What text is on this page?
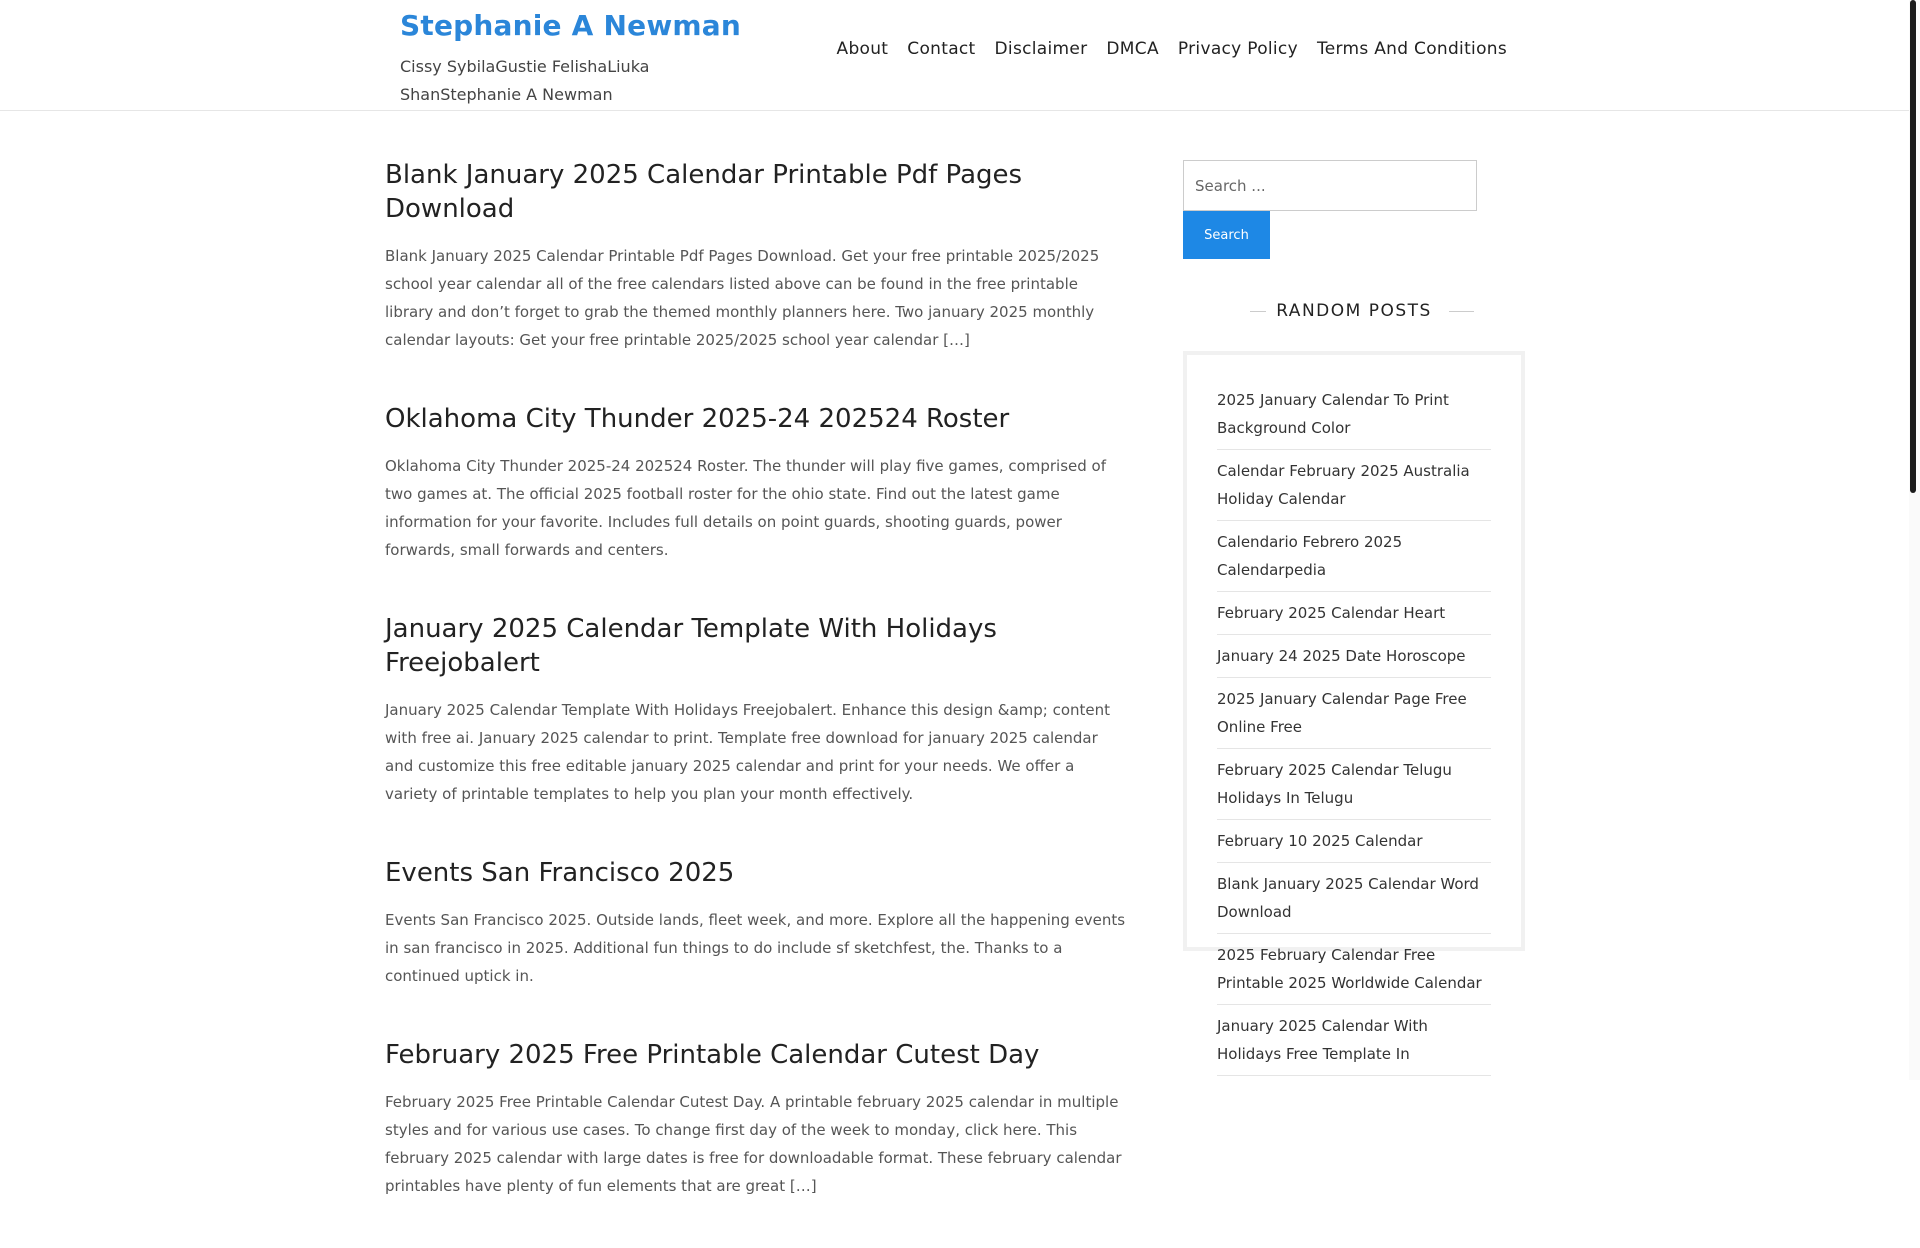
Stephanie A Newman
Cissy SybilaGustie FelishaLiuka ShanStephanie A Newman
About Contact Disclaimer DMCA Privacy Policy Terms And Conditions
Blank January 2025 Calendar Printable Pdf Pages Download

Blank January 2025 Calendar Printable Pdf Pages Download. Get your free printable 2025/2025 school year calendar all of the free calendars listed above can be found in the free printable library and don’t forget to grab the themed monthly planners here. Two january 2025 monthly calendar layouts: Get your free printable 2025/2025 school year calendar […]

Oklahoma City Thunder 2025-24 202524 Roster

Oklahoma City Thunder 2025-24 202524 Roster. The thunder will play five games, comprised of two games at. The official 2025 football roster for the ohio state. Find out the latest game information for your favorite. Includes full details on point guards, shooting guards, power forwards, small forwards and centers.

January 2025 Calendar Template With Holidays Freejobalert

January 2025 Calendar Template With Holidays Freejobalert. Enhance this design &amp; content with free ai. January 2025 calendar to print. Template free download for january 2025 calendar and customize this free editable january 2025 calendar and print for your needs. We offer a variety of printable templates to help you plan your month effectively.

Events San Francisco 2025

Events San Francisco 2025. Outside lands, fleet week, and more. Explore all the happening events in san francisco in 2025. Additional fun things to do include sf sketchfest, the. Thanks to a continued uptick in.

February 2025 Free Printable Calendar Cutest Day

February 2025 Free Printable Calendar Cutest Day. A printable february 2025 calendar in multiple styles and for various use cases. To change first day of the week to monday, click here. This february 2025 calendar with large dates is free for downloadable format. These february calendar printables have plenty of fun elements that are great […]

Search ...
Search
RANDOM POSTS
2025 January Calendar To Print Background Color
Calendar February 2025 Australia Holiday Calendar
Calendario Febrero 2025 Calendarpedia
February 2025 Calendar Heart
January 24 2025 Date Horoscope
2025 January Calendar Page Free Online Free
February 2025 Calendar Telugu Holidays In Telugu
February 10 2025 Calendar
Blank January 2025 Calendar Word Download
2025 February Calendar Free Printable 2025 Worldwide Calendar
January 2025 Calendar With Holidays Free Template In
